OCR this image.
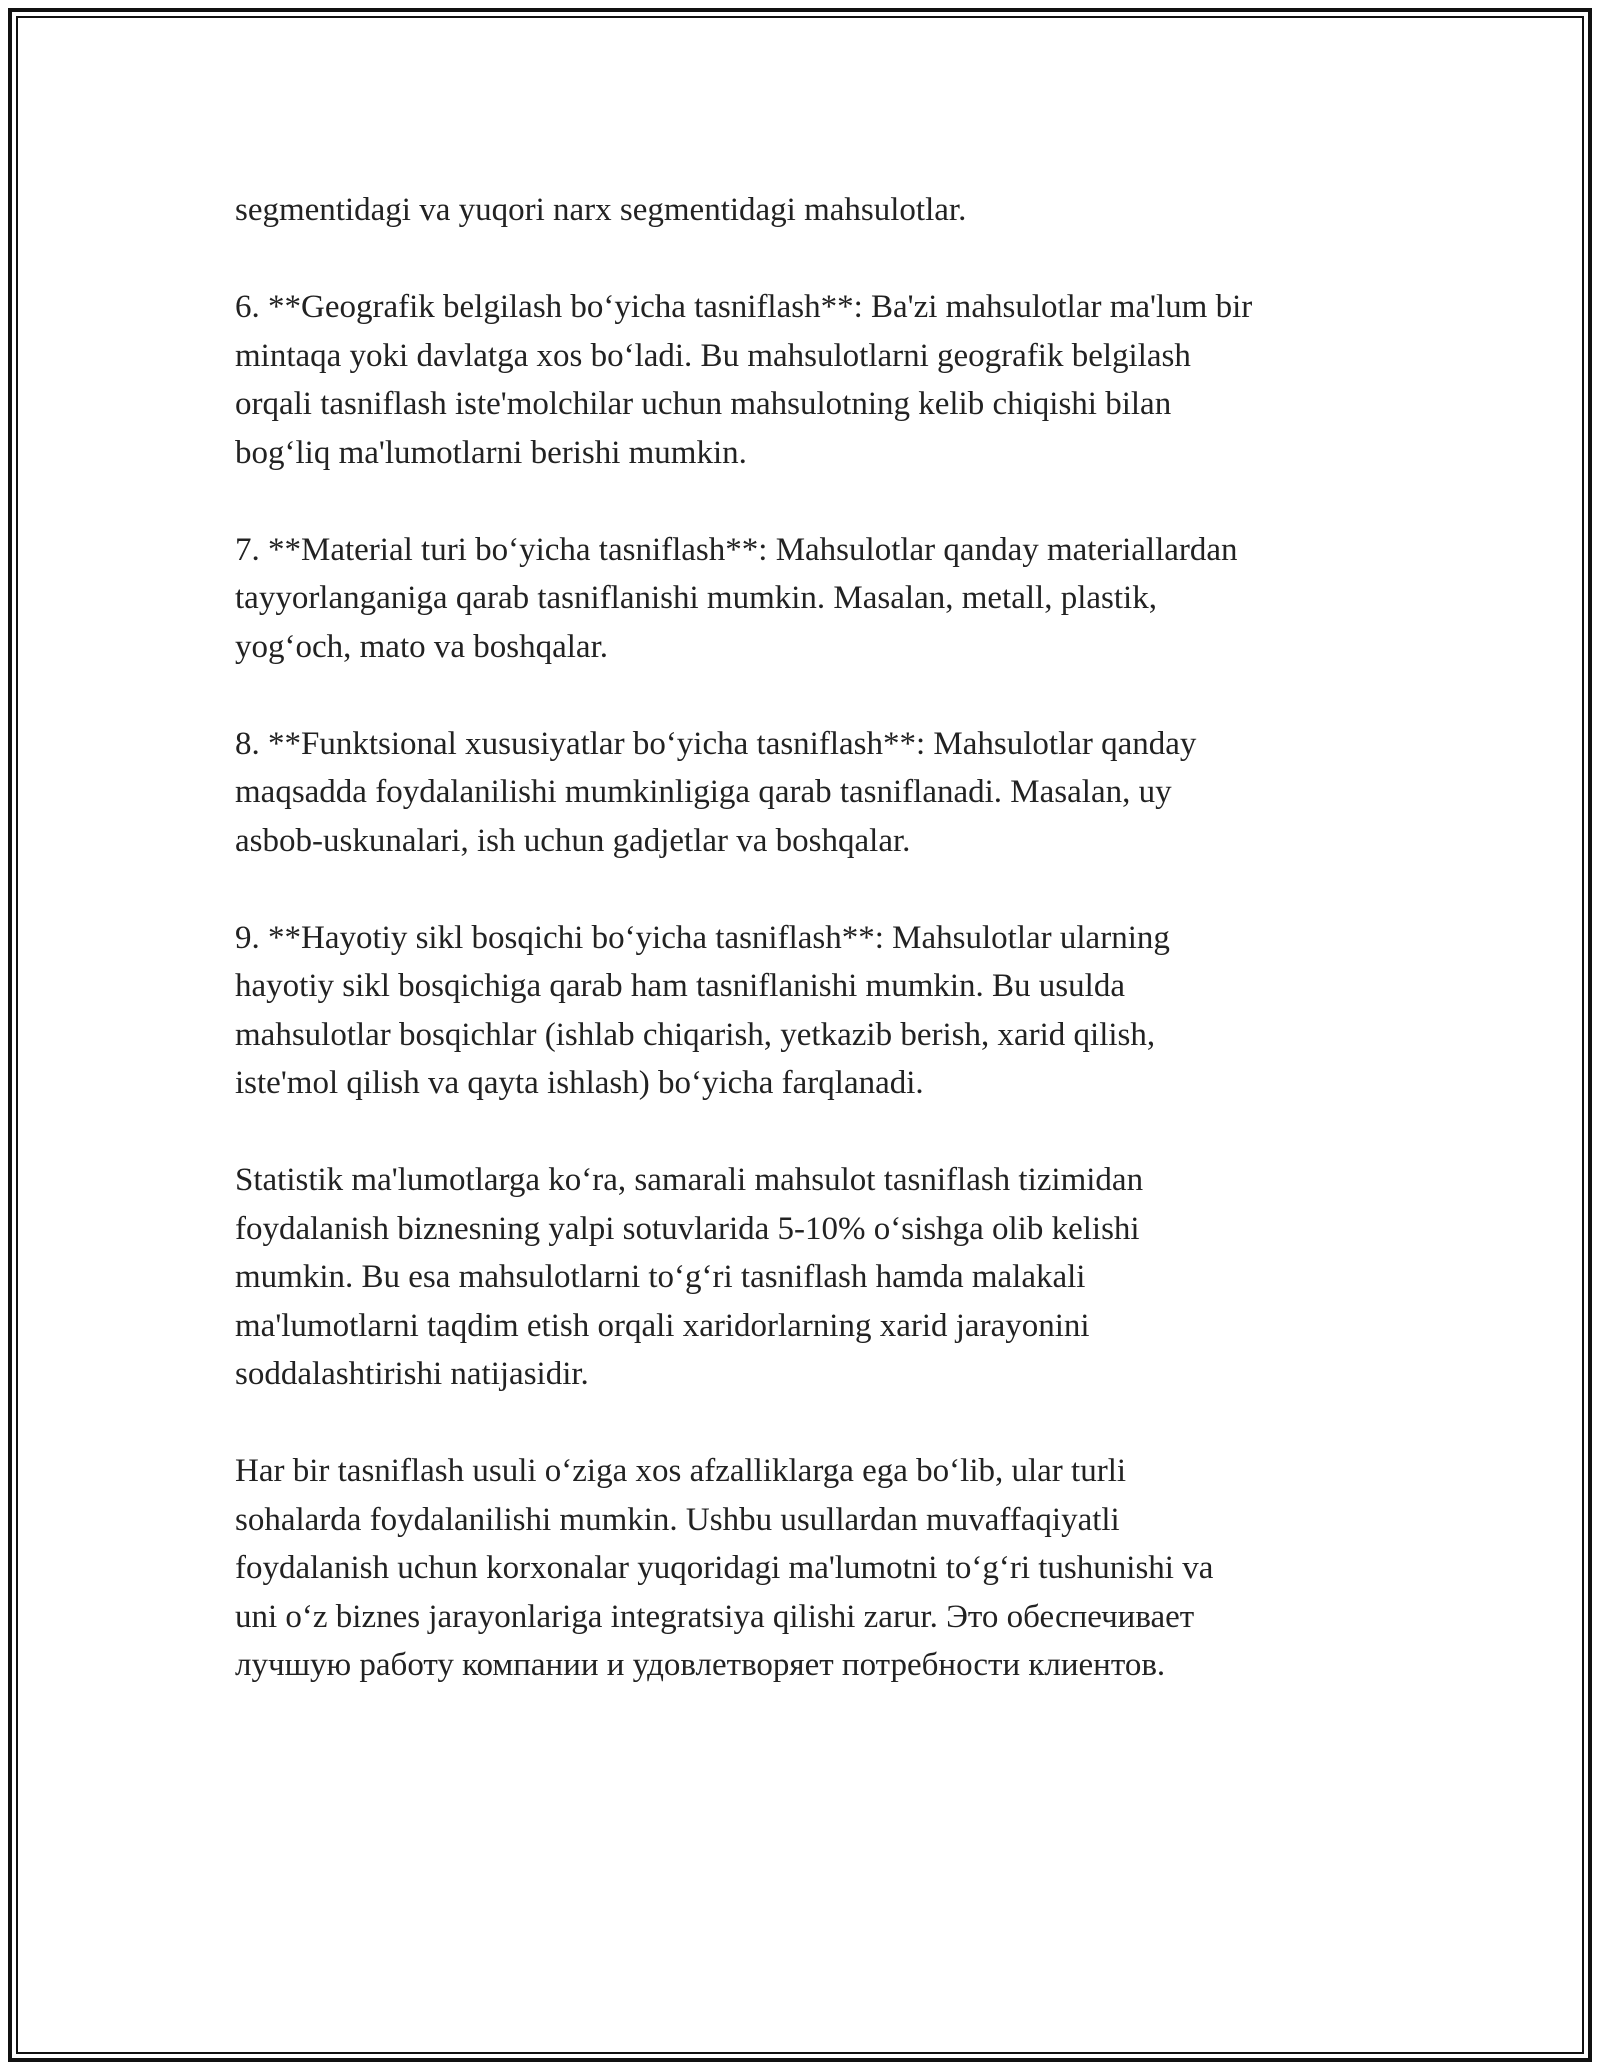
segmentidagi va yuqori narx segmentidagi mahsulotlar.

6. **Geografik belgilash bo‘yicha tasniflash**: Ba'zi mahsulotlar ma'lum bir
mintaqa yoki davlatga xos bo‘ladi. Bu mahsulotlarni geografik belgilash
orqali tasniflash iste'molchilar uchun mahsulotning kelib chiqishi bilan
bog‘liq ma'lumotlarni berishi mumkin.

7. **Material turi bo‘yicha tasniflash**: Mahsulotlar qanday materiallardan
tayyorlanganiga qarab tasniflanishi mumkin. Masalan, metall, plastik,
yog‘och, mato va boshqalar.

8. **Funktsional xususiyatlar bo‘yicha tasniflash**: Mahsulotlar qanday
maqsadda foydalanilishi mumkinligiga qarab tasniflanadi. Masalan, uy
asbob-uskunalari, ish uchun gadjetlar va boshqalar.

9. **Hayotiy sikl bosqichi bo‘yicha tasniflash**: Mahsulotlar ularning
hayotiy sikl bosqichiga qarab ham tasniflanishi mumkin. Bu usulda
mahsulotlar bosqichlar (ishlab chiqarish, yetkazib berish, xarid qilish,
iste'mol qilish va qayta ishlash) bo‘yicha farqlanadi.

Statistik ma'lumotlarga ko‘ra, samarali mahsulot tasniflash tizimidan
foydalanish biznesning yalpi sotuvlarida 5-10% o‘sishga olib kelishi
mumkin. Bu esa mahsulotlarni to‘g‘ri tasniflash hamda malakali
ma'lumotlarni taqdim etish orqali xaridorlarning xarid jarayonini
soddalashtirishi natijasidir.

Har bir tasniflash usuli o‘ziga xos afzalliklarga ega bo‘lib, ular turli
sohalarda foydalanilishi mumkin. Ushbu usullardan muvaffaqiyatli
foydalanish uchun korxonalar yuqoridagi ma'lumotni to‘g‘ri tushunishi va
uni o‘z biznes jarayonlariga integratsiya qilishi zarur. Это обеспечивает
лучшую работу компании и удовлетворяет потребности клиентов.
